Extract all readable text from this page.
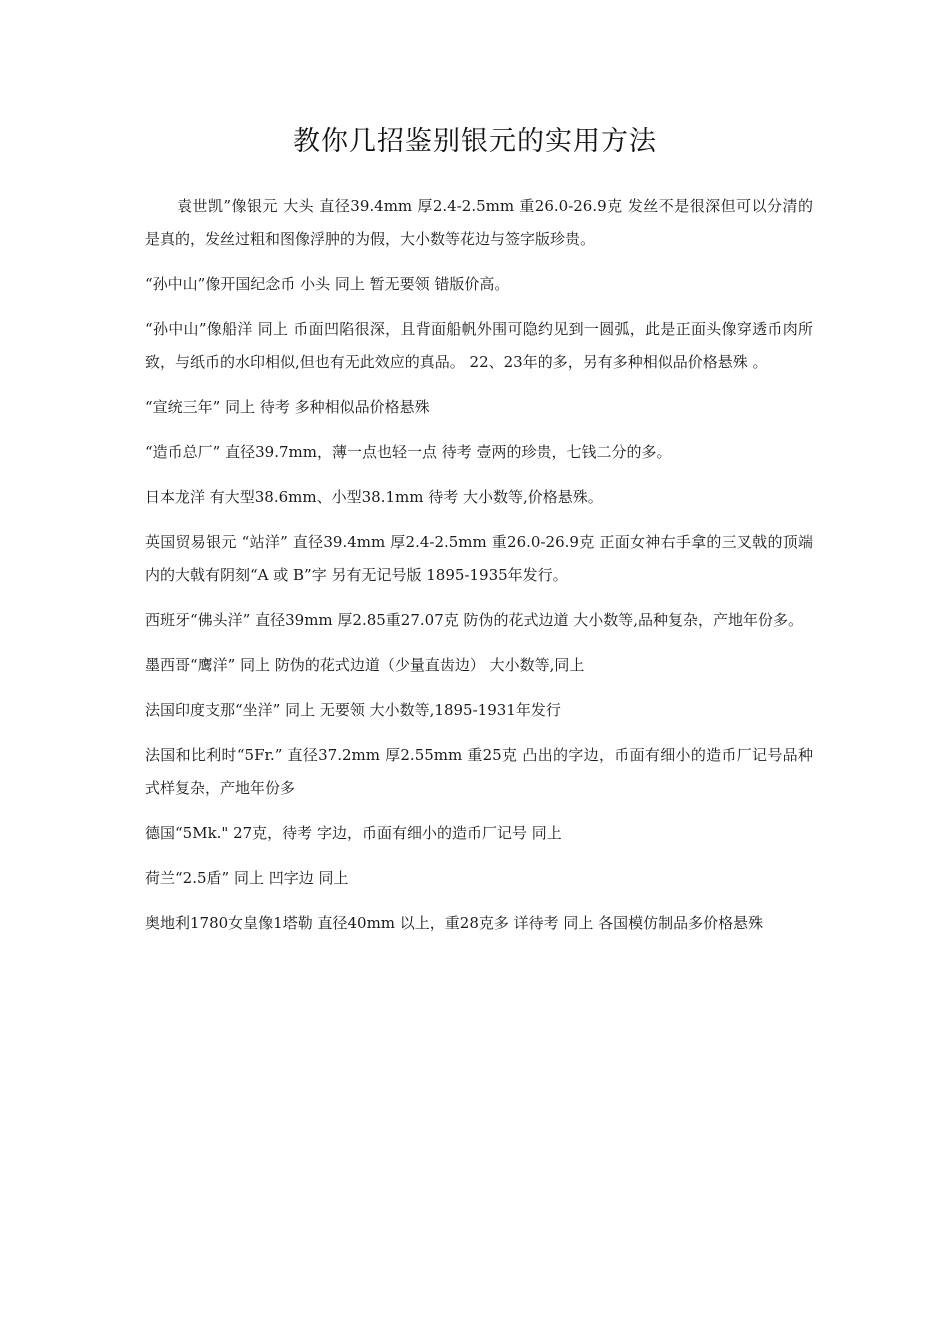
教你几招鉴别银元的实用方法

袁世凯”像银元 大头 直径39.4mm 厚2.4-2.5mm 重26.0-26.9克 发丝不是很深但可以分清的是真的，发丝过粗和图像浮肿的为假，大小数等花边与签字版珍贵。

“孙中山”像开国纪念币 小头 同上 暂无要领 错版价高。

“孙中山”像船洋 同上 币面凹陷很深，且背面船帆外围可隐约见到一圆弧，此是正面头像穿透币肉所致，与纸币的水印相似,但也有无此效应的真品。 22、23年的多，另有多种相似品价格悬殊 。

“宣统三年” 同上 待考 多种相似品价格悬殊

“造币总厂” 直径39.7mm，薄一点也轻一点 待考 壹两的珍贵，七钱二分的多。

日本龙洋 有大型38.6mm、小型38.1mm 待考 大小数等,价格悬殊。

英国贸易银元 “站洋” 直径39.4mm 厚2.4-2.5mm 重26.0-26.9克 正面女神右手拿的三叉戟的顶端内的大戟有阴刻“A 或 B”字 另有无记号版 1895-1935年发行。

西班牙“佛头洋” 直径39mm 厚2.85重27.07克 防伪的花式边道 大小数等,品种复杂，产地年份多。

墨西哥“鹰洋” 同上 防伪的花式边道（少量直齿边） 大小数等,同上

法国印度支那“坐洋” 同上 无要领 大小数等,1895-1931年发行

法国和比利时“5Fr.” 直径37.2mm 厚2.55mm 重25克 凸出的字边，币面有细小的造币厂记号品种式样复杂，产地年份多

德国“5Mk." 27克，待考 字边，币面有细小的造币厂记号 同上

荷兰“2.5盾” 同上 凹字边 同上

奥地利1780女皇像1塔勒 直径40mm 以上，重28克多 详待考 同上 各国模仿制品多价格悬殊
